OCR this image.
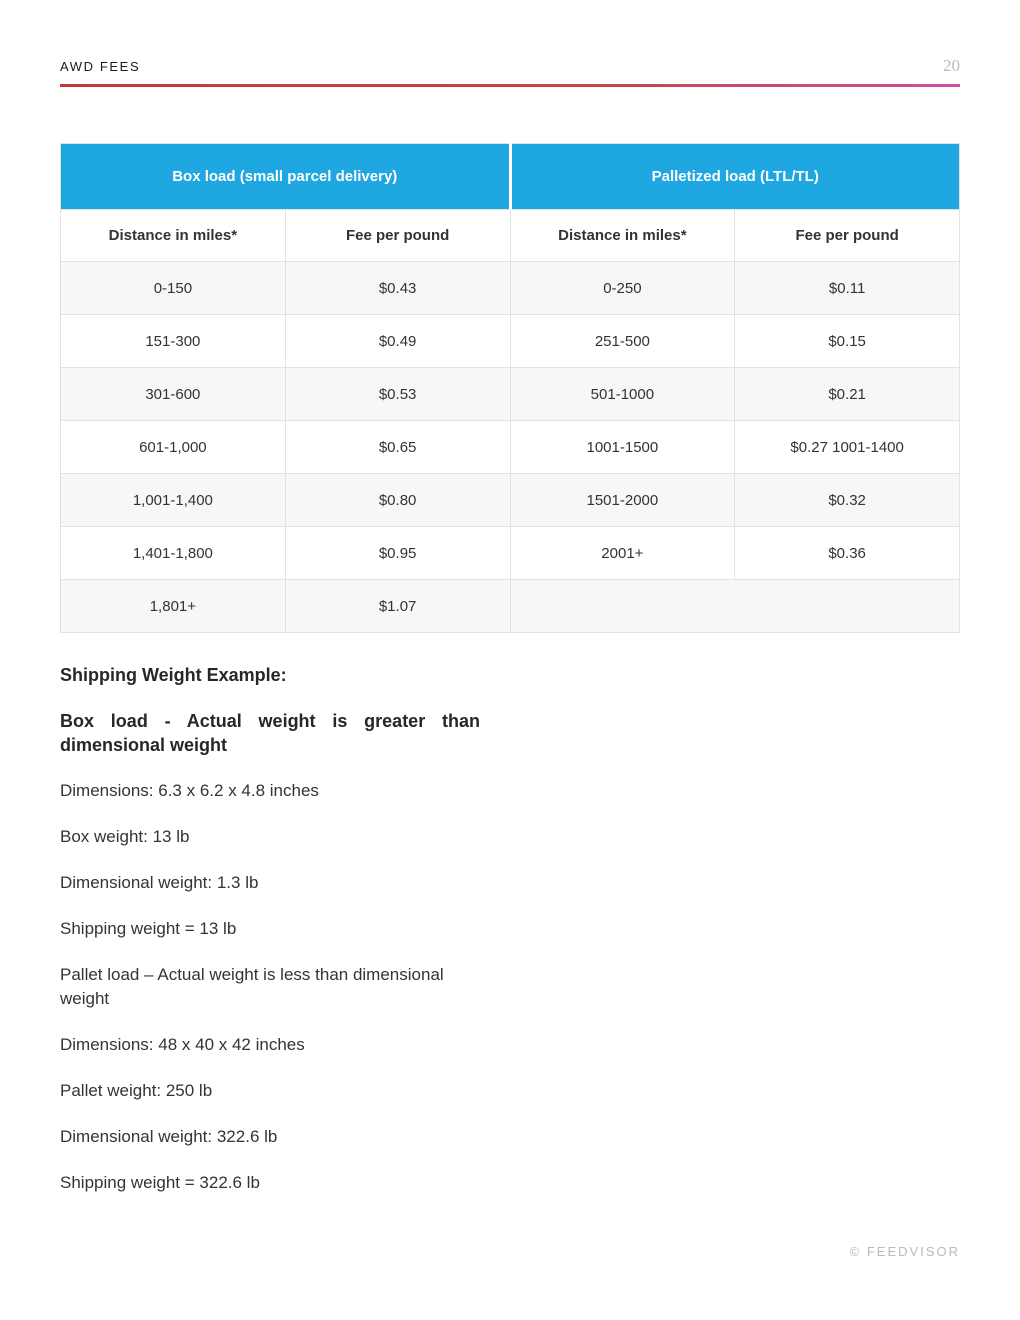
AWD FEES	20
Box load (small parcel delivery)		Palletized load (LTL/TL)	
Distance in miles*	Fee per pound	Distance in miles*	Fee per pound
0-150	$0.43	0-250	$0.11
151-300	$0.49	251-500	$0.15
301-600	$0.53	501-1000	$0.21
601-1,000	$0.65	1001-1500	$0.27 1001-1400
1,001-1,400	$0.80	1501-2000	$0.32
1,401-1,800	$0.95	2001+	$0.36
1,801+	$1.07		
Shipping Weight Example:
Box load - Actual weight is greater than dimensional weight

Dimensions: 6.3 x 6.2 x 4.8 inches

Box weight: 13 lb

Dimensional weight: 1.3 lb

Shipping weight = 13 lb

Pallet load – Actual weight is less than dimensional weight

Dimensions: 48 x 40 x 42 inches

Pallet weight: 250 lb

Dimensional weight: 322.6 lb

Shipping weight = 322.6 lb

© FEEDVISOR
